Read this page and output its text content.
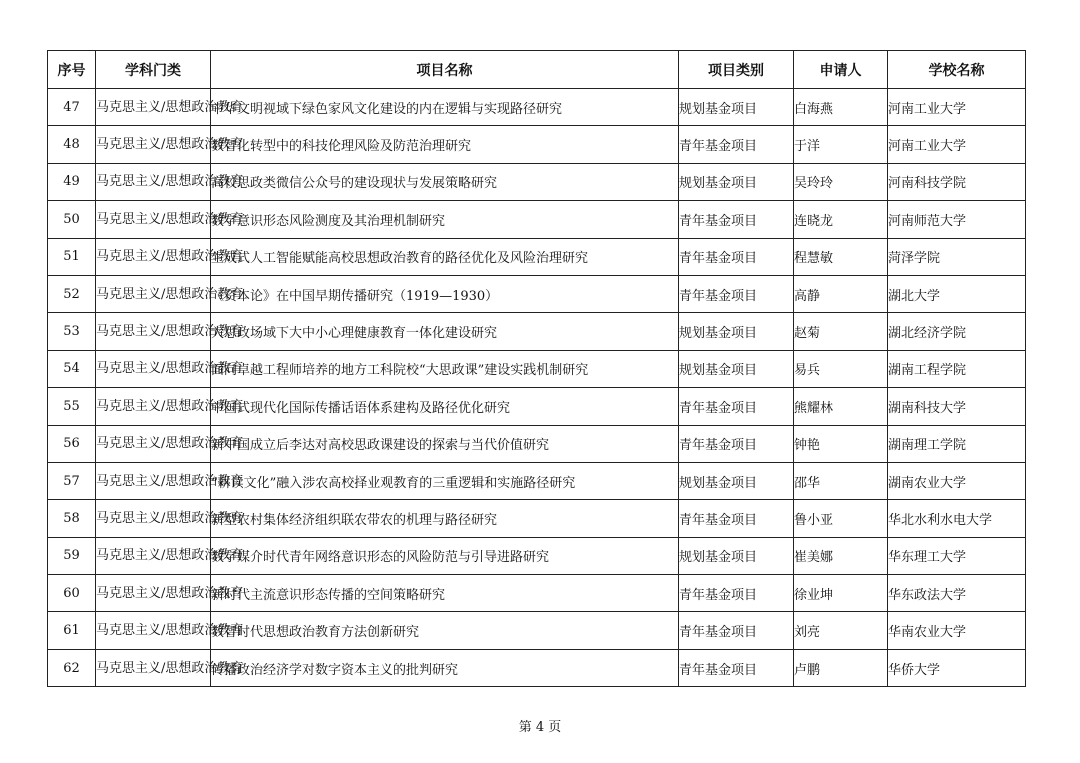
序号	学科门类	项目名称	项目类别	申请人	学校名称
47	马克思主义/思想政治教育	中华文明视域下绿色家风文化建设的内在逻辑与实现路径研究	规划基金项目	白海燕	河南工业大学
48	马克思主义/思想政治教育	数智化转型中的科技伦理风险及防范治理研究	青年基金项目	于洋	河南工业大学
49	马克思主义/思想政治教育	高校思政类微信公众号的建设现状与发展策略研究	规划基金项目	吴玲玲	河南科技学院
50	马克思主义/思想政治教育	数字意识形态风险测度及其治理机制研究	青年基金项目	连晓龙	河南师范大学
51	马克思主义/思想政治教育	生成式人工智能赋能高校思想政治教育的路径优化及风险治理研究	青年基金项目	程慧敏	菏泽学院
52	马克思主义/思想政治教育	《资本论》在中国早期传播研究（1919—1930）	青年基金项目	高静	湖北大学
53	马克思主义/思想政治教育	大思政场域下大中小心理健康教育一体化建设研究	规划基金项目	赵菊	湖北经济学院
54	马克思主义/思想政治教育	面向卓越工程师培养的地方工科院校“大思政课”建设实践机制研究	规划基金项目	易兵	湖南工程学院
55	马克思主义/思想政治教育	中国式现代化国际传播话语体系建构及路径优化研究	青年基金项目	熊耀林	湖南科技大学
56	马克思主义/思想政治教育	新中国成立后李达对高校思政课建设的探索与当代价值研究	青年基金项目	钟艳	湖南理工学院
57	马克思主义/思想政治教育	“耕读文化”融入涉农高校择业观教育的三重逻辑和实施路径研究	规划基金项目	邵华	湖南农业大学
58	马克思主义/思想政治教育	新型农村集体经济组织联农带农的机理与路径研究	青年基金项目	鲁小亚	华北水利水电大学
59	马克思主义/思想政治教育	数字媒介时代青年网络意识形态的风险防范与引导进路研究	规划基金项目	崔美娜	华东理工大学
60	马克思主义/思想政治教育	新时代主流意识形态传播的空间策略研究	青年基金项目	徐业坤	华东政法大学
61	马克思主义/思想政治教育	数智时代思想政治教育方法创新研究	青年基金项目	刘亮	华南农业大学
62	马克思主义/思想政治教育	传播政治经济学对数字资本主义的批判研究	青年基金项目	卢鹏	华侨大学
第 4 页
